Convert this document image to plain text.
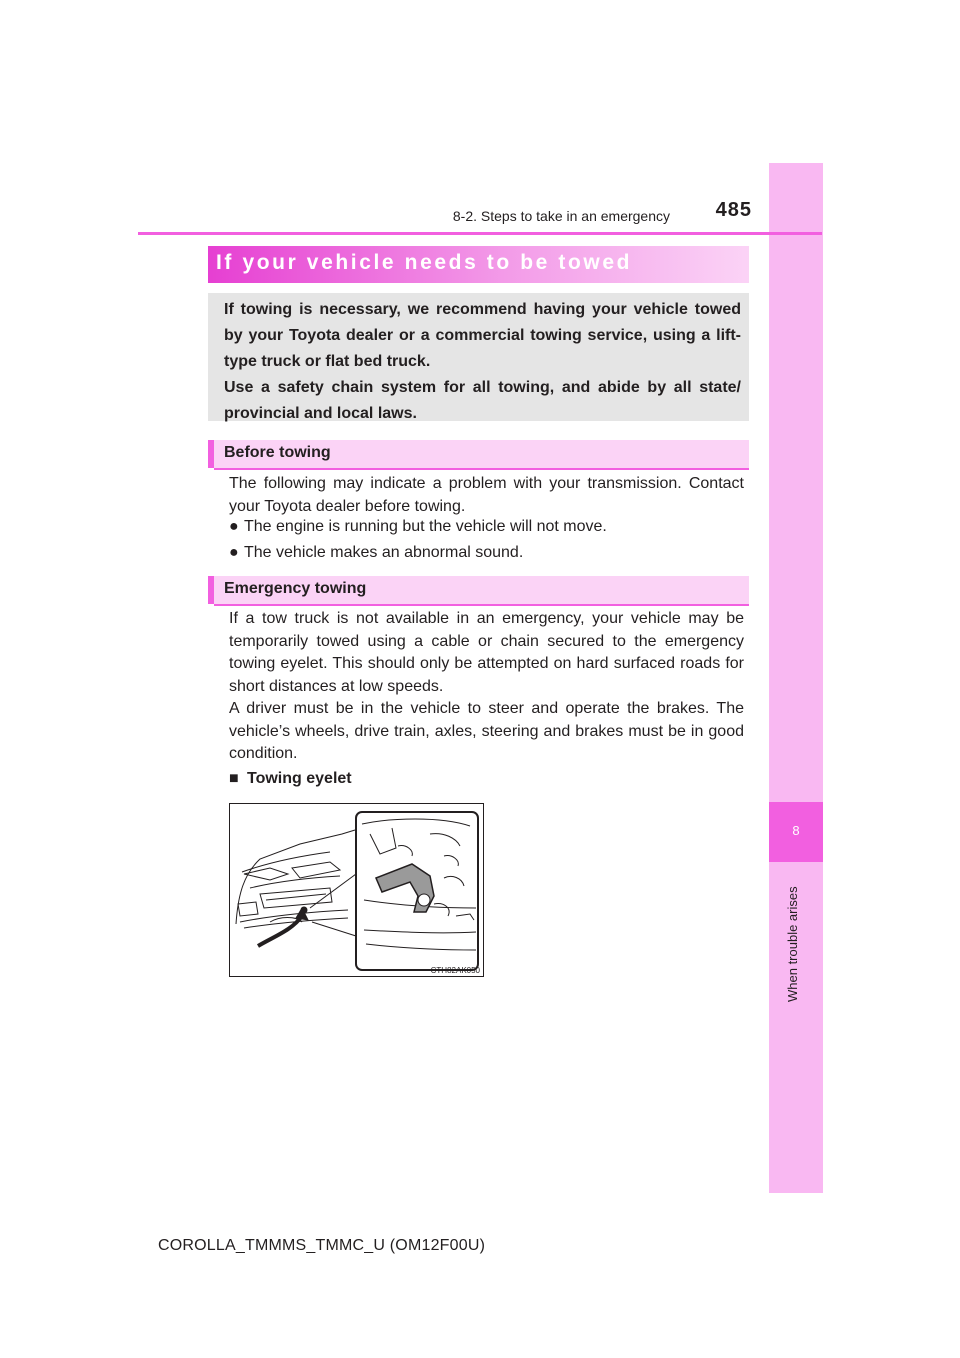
8
When trouble arises
8-2. Steps to take in an emergency	485
If your vehicle needs to be towed

If towing is necessary, we recommend having your vehicle towed by your Toyota dealer or a commercial towing service, using a lift-type truck or flat bed truck.

Use a safety chain system for all towing, and abide by all state/ provincial and local laws.

Before towing

The following may indicate a problem with your transmission. Contact your Toyota dealer before towing.

● The engine is running but the vehicle will not move.
● The vehicle makes an abnormal sound.
Emergency towing

If a tow truck is not available in an emergency, your vehicle may be temporarily towed using a cable or chain secured to the emergency towing eyelet. This should only be attempted on hard surfaced roads for short distances at low speeds.

A driver must be in the vehicle to steer and operate the brakes. The vehicle’s wheels, drive train, axles, steering and brakes must be in good condition.

■ Towing eyelet
CTH82AK050
COROLLA_TMMMS_TMMC_U (OM12F00U)
